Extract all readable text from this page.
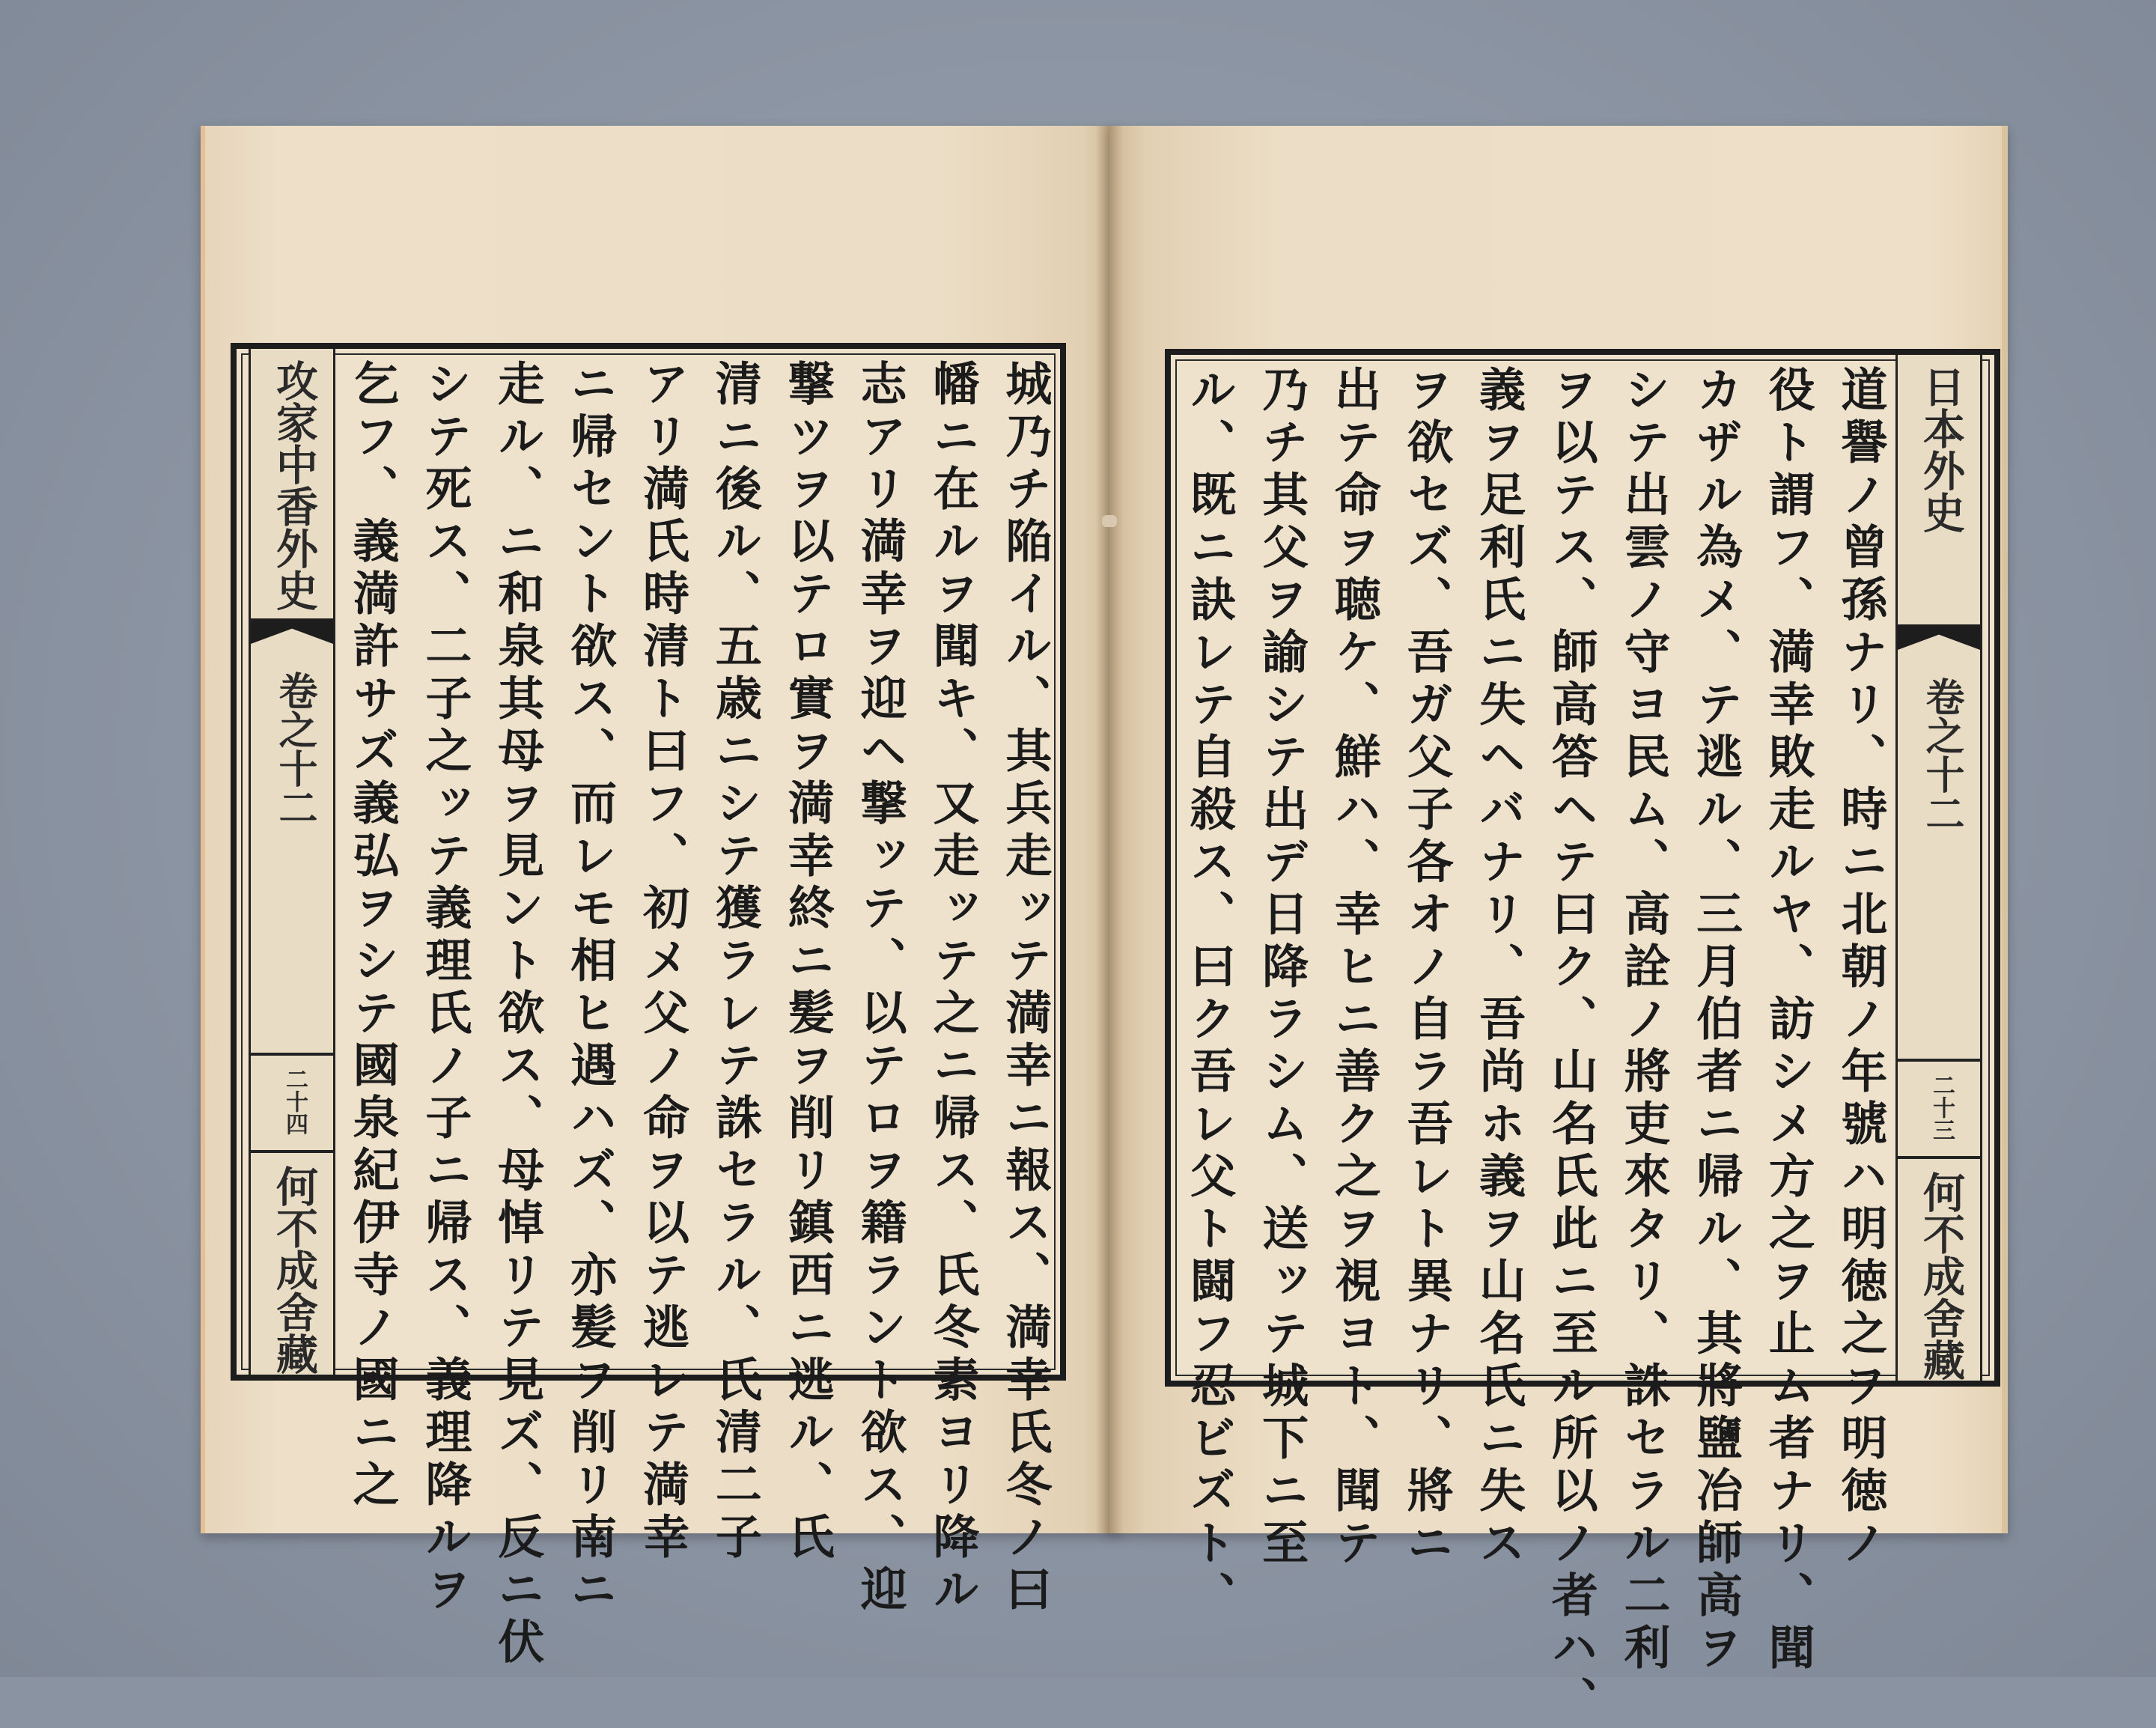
攻家中香外史
卷之十二
二十四
何不成舍藏	城乃チ陥イル、其兵走ッテ満幸ニ報ス、満幸氏冬ノ曰
幡ニ在ルヲ聞キ、又走ッテ之ニ帰ス、氏冬素ヨリ降ル
志アリ満幸ヲ迎ヘ撃ッテ、以テロヲ籍ラント欲ス、迎
撃ツヲ以テロ實ヲ満幸終ニ髪ヲ削リ鎮西ニ逃ル、氏
清ニ後ル、五歳ニシテ獲ラレテ誅セラル、氏清二子
アリ満氏時清ト曰フ、初メ父ノ命ヲ以テ逃レテ満幸
ニ帰セント欲ス、而レモ相ヒ遇ハズ、亦髪ヲ削リ南ニ
走ル、ニ和泉其母ヲ見ント欲ス、母悼リテ見ズ、反ニ伏
シテ死ス、二子之ッテ義理氏ノ子ニ帰ス、義理降ルヲ
乞フ、義満許サズ義弘ヲシテ國泉紀伊寺ノ國ニ之	日本外史
卷之十二
二十三
何不成舍藏
道譽ノ曾孫ナリ、時ニ北朝ノ年號ハ明徳之ヲ明徳ノ
役ト謂フ、満幸敗走ルヤ、訪シメ方之ヲ止ム者ナリ、聞
カザル為メ、テ逃ル、三月伯者ニ帰ル、其將鹽冶師高ヲ
シテ出雲ノ守ヨ民ム、高詮ノ將吏來タリ、誅セラル二利
ヲ以テス、師高答ヘテ曰ク、山名氏此ニ至ル所以ノ者ハ、
義ヲ足利氏ニ失ヘバナリ、吾尚ホ義ヲ山名氏ニ失ス
ヲ欲セズ、吾ガ父子各オノ自ラ吾レト異ナリ、將ニ
出テ命ヲ聴ケ、鮮ハ、幸ヒニ善ク之ヲ視ヨト、聞テ
乃チ其父ヲ諭シテ出デ日降ラシム、送ッテ城下ニ至
ル、既ニ訣レテ自殺ス、曰ク吾レ父ト闘フ忍ビズト、
